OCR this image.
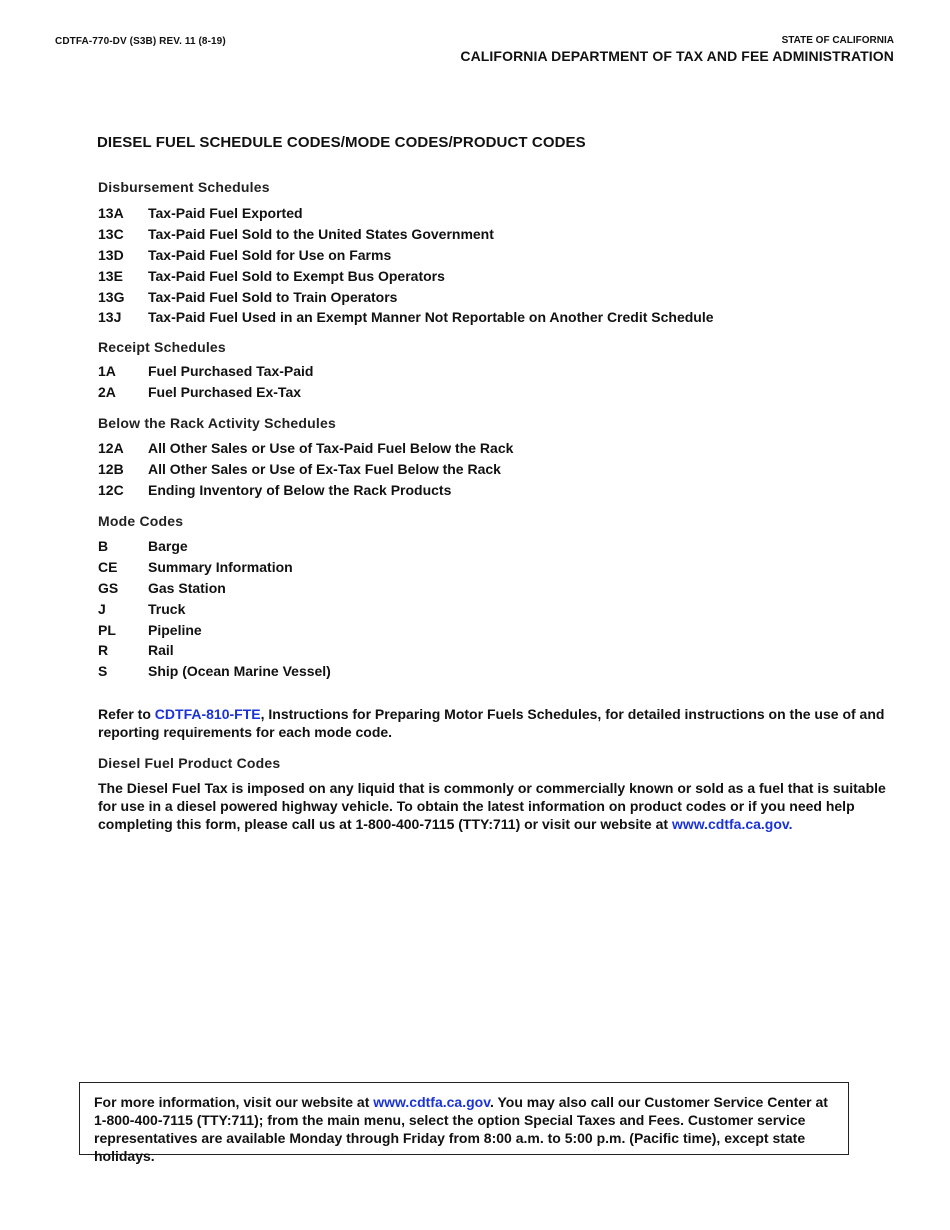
CDTFA-770-DV (S3B) REV. 11 (8-19)	STATE OF CALIFORNIA
CALIFORNIA DEPARTMENT OF TAX AND FEE ADMINISTRATION
DIESEL FUEL SCHEDULE CODES/MODE CODES/PRODUCT CODES
Disbursement Schedules
13A	Tax-Paid Fuel Exported
13C	Tax-Paid Fuel Sold to the United States Government
13D	Tax-Paid Fuel Sold for Use on Farms
13E	Tax-Paid Fuel Sold to Exempt Bus Operators
13G	Tax-Paid Fuel Sold to Train Operators
13J	Tax-Paid Fuel Used in an Exempt Manner Not Reportable on Another Credit Schedule
Receipt Schedules
1A	Fuel Purchased Tax-Paid
2A	Fuel Purchased Ex-Tax
Below the Rack Activity Schedules
12A	All Other Sales or Use of Tax-Paid Fuel Below the Rack
12B	All Other Sales or Use of Ex-Tax Fuel Below the Rack
12C	Ending Inventory of Below the Rack Products
Mode Codes
B	Barge
CE	Summary Information
GS	Gas Station
J	Truck
PL	Pipeline
R	Rail
S	Ship (Ocean Marine Vessel)

Refer to CDTFA-810-FTE, Instructions for Preparing Motor Fuels Schedules, for detailed instructions on the use of and reporting requirements for each mode code.

Diesel Fuel Product Codes

The Diesel Fuel Tax is imposed on any liquid that is commonly or commercially known or sold as a fuel that is suitable for use in a diesel powered highway vehicle. To obtain the latest information on product codes or if you need help completing this form, please call us at 1-800-400-7115 (TTY:711) or visit our website at www.cdtfa.ca.gov.

For more information, visit our website at www.cdtfa.ca.gov. You may also call our Customer Service Center at 1-800-400-7115 (TTY:711); from the main menu, select the option Special Taxes and Fees. Customer service representatives are available Monday through Friday from 8:00 a.m. to 5:00 p.m. (Pacific time), except state holidays.
